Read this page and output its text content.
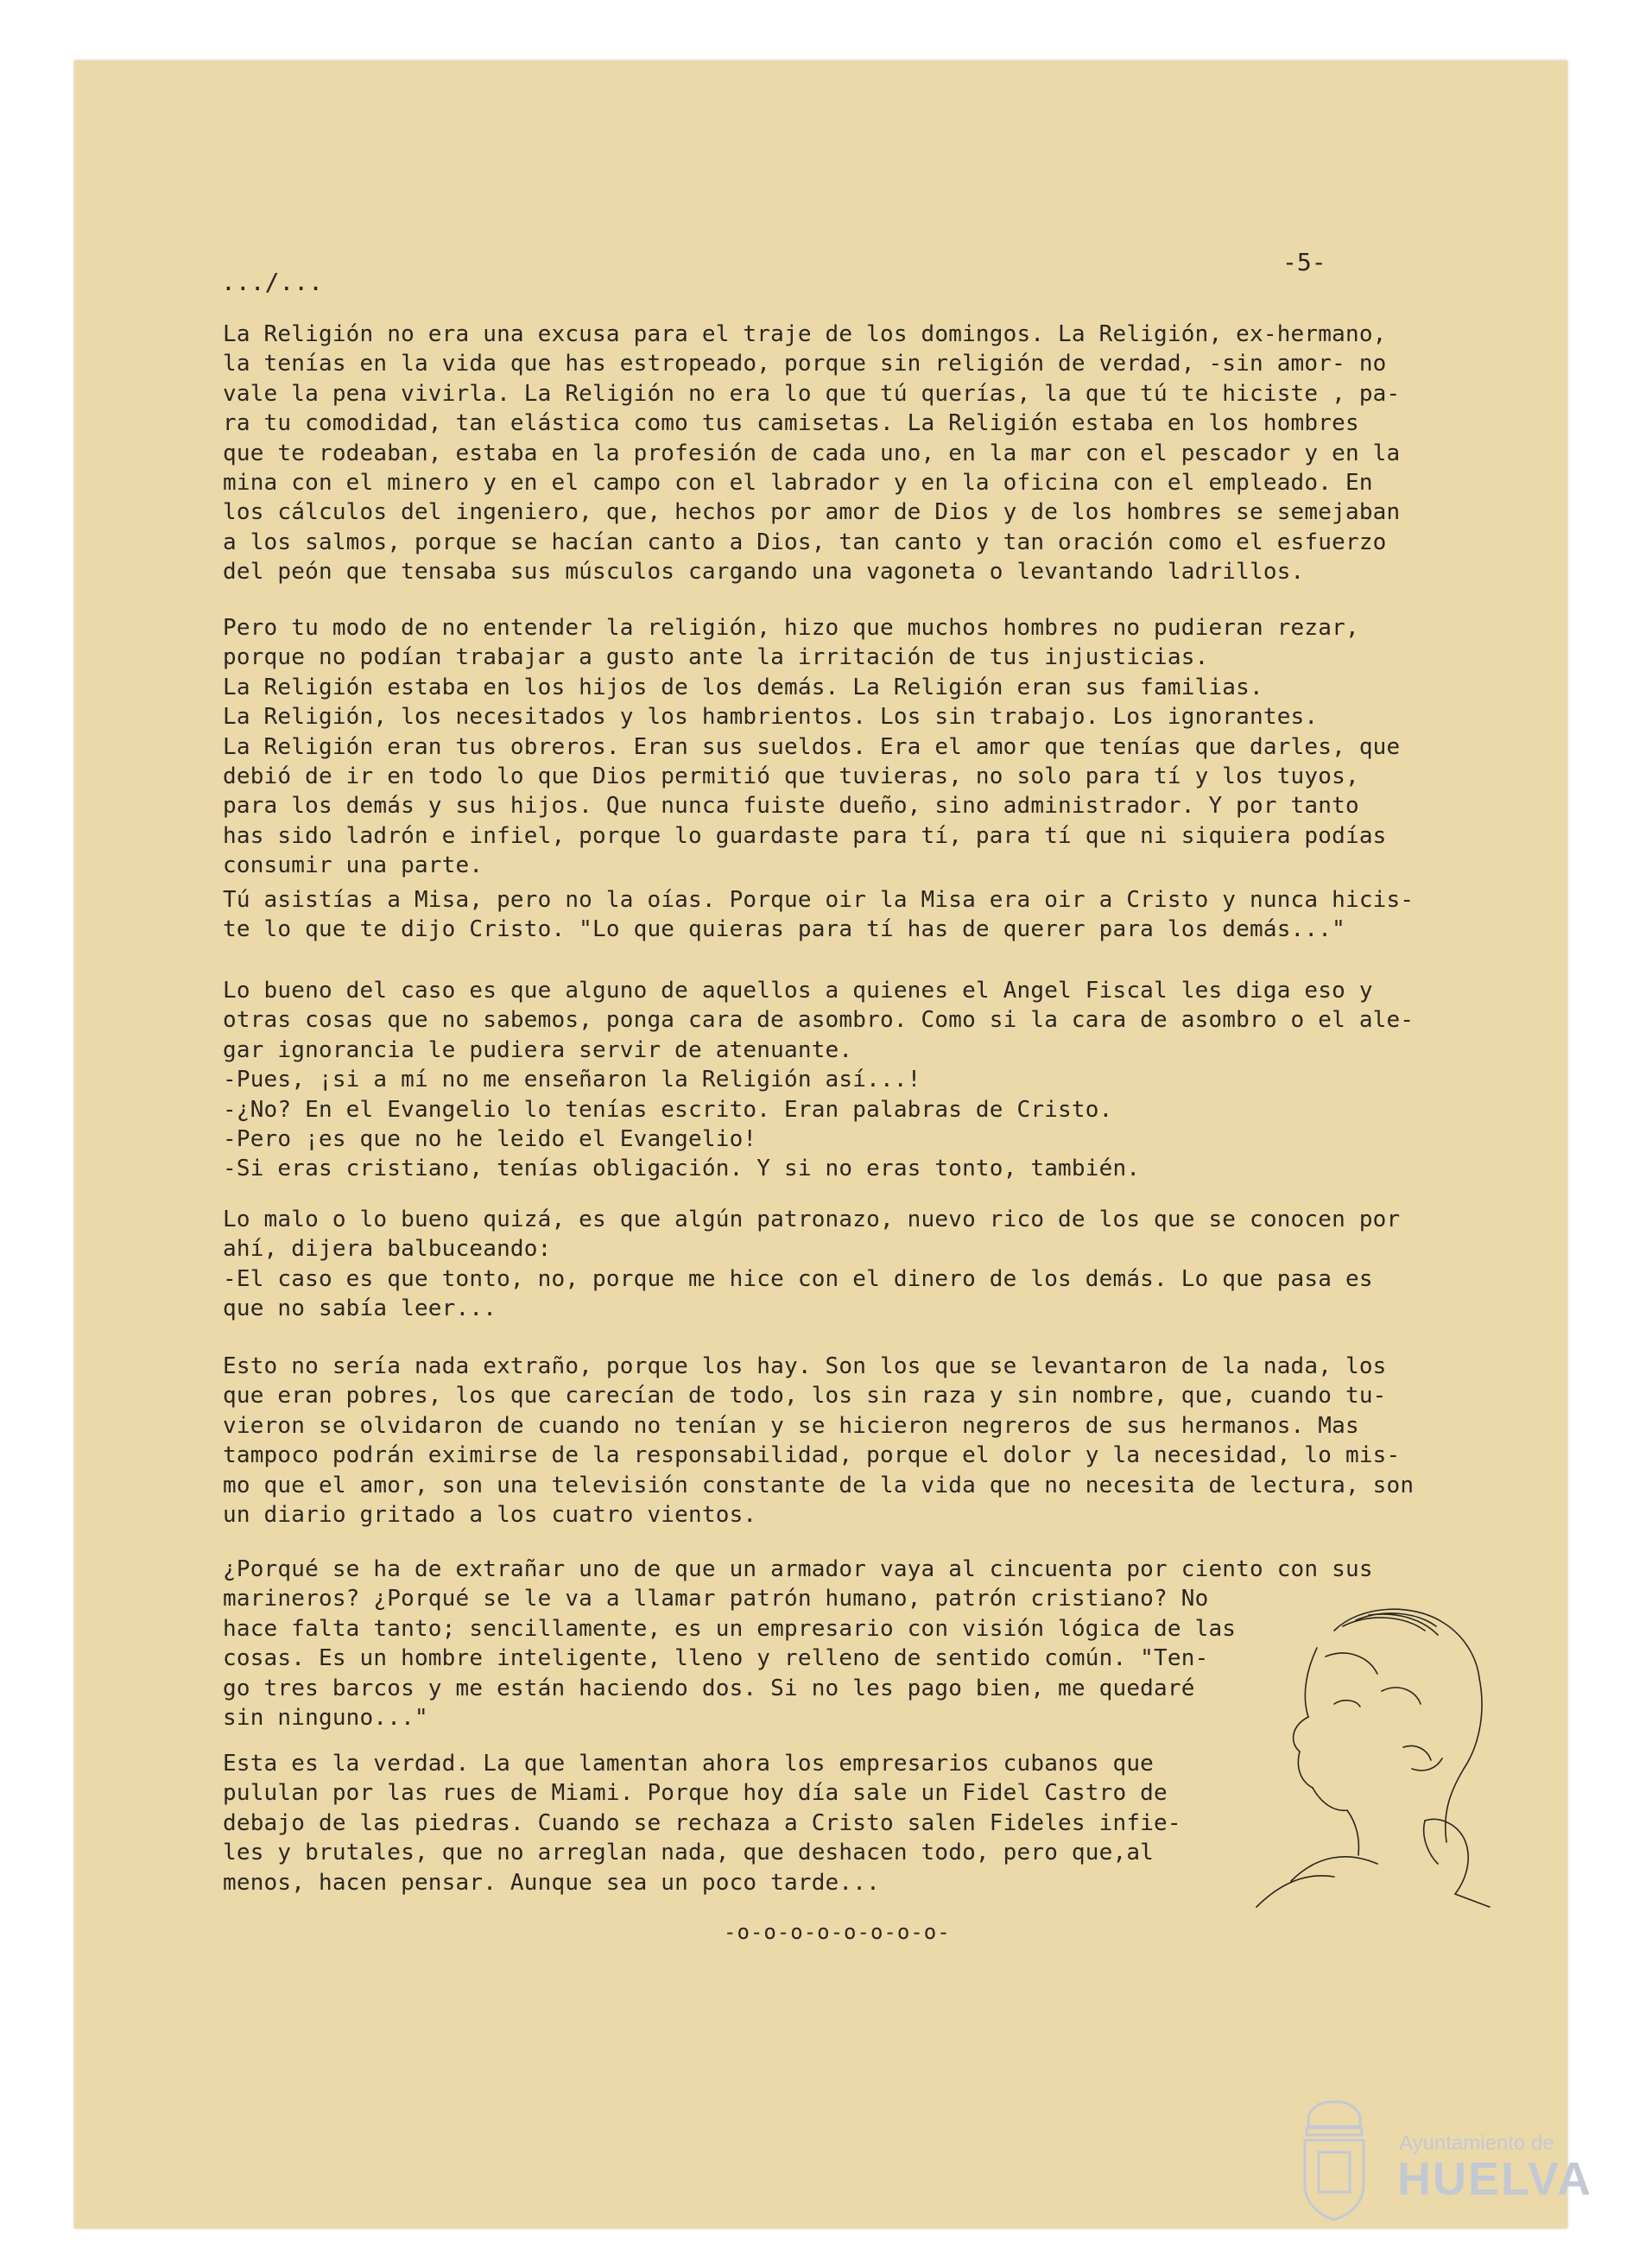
-5-
.../...
La Religión no era una excusa para el traje de los domingos. La Religión, ex-hermano,
la tenías en la vida que has estropeado, porque sin religión de verdad, -sin amor- no
vale la pena vivirla. La Religión no era lo que tú querías, la que tú te hiciste , pa-
ra tu comodidad, tan elástica como tus camisetas. La Religión estaba en los hombres
que te rodeaban, estaba en la profesión de cada uno, en la mar con el pescador y en la
mina con el minero y en el campo con el labrador y en la oficina con el empleado. En
los cálculos del ingeniero, que, hechos por amor de Dios y de los hombres se semejaban
a los salmos, porque se hacían canto a Dios, tan canto y tan oración como el esfuerzo
del peón que tensaba sus músculos cargando una vagoneta o levantando ladrillos.
Pero tu modo de no entender la religión, hizo que muchos hombres no pudieran rezar,
porque no podían trabajar a gusto ante la irritación de tus injusticias.
La Religión estaba en los hijos de los demás. La Religión eran sus familias.
La Religión, los necesitados y los hambrientos. Los sin trabajo. Los ignorantes.
La Religión eran tus obreros. Eran sus sueldos. Era el amor que tenías que darles, que
debió de ir en todo lo que Dios permitió que tuvieras, no solo para tí y los tuyos,
para los demás y sus hijos. Que nunca fuiste dueño, sino administrador. Y por tanto
has sido ladrón e infiel, porque lo guardaste para tí, para tí que ni siquiera podías
consumir una parte.
Tú asistías a Misa, pero no la oías. Porque oir la Misa era oir a Cristo y nunca hicis-
te lo que te dijo Cristo. "Lo que quieras para tí has de querer para los demás..."
Lo bueno del caso es que alguno de aquellos a quienes el Angel Fiscal les diga eso y
otras cosas que no sabemos, ponga cara de asombro. Como si la cara de asombro o el ale-
gar ignorancia le pudiera servir de atenuante.
-Pues, ¡si a mí no me enseñaron la Religión así...!
-¿No? En el Evangelio lo tenías escrito. Eran palabras de Cristo.
-Pero ¡es que no he leido el Evangelio!
-Si eras cristiano, tenías obligación. Y si no eras tonto, también.
Lo malo o lo bueno quizá, es que algún patronazo, nuevo rico de los que se conocen por
ahí, dijera balbuceando:
-El caso es que tonto, no, porque me hice con el dinero de los demás. Lo que pasa es
que no sabía leer...
Esto no sería nada extraño, porque los hay. Son los que se levantaron de la nada, los
que eran pobres, los que carecían de todo, los sin raza y sin nombre, que, cuando tu-
vieron se olvidaron de cuando no tenían y se hicieron negreros de sus hermanos. Mas
tampoco podrán eximirse de la responsabilidad, porque el dolor y la necesidad, lo mis-
mo que el amor, son una televisión constante de la vida que no necesita de lectura, son
un diario gritado a los cuatro vientos.
¿Porqué se ha de extrañar uno de que un armador vaya al cincuenta por ciento con sus
marineros? ¿Porqué se le va a llamar patrón humano, patrón cristiano? No
hace falta tanto; sencillamente, es un empresario con visión lógica de las
cosas. Es un hombre inteligente, lleno y relleno de sentido común. "Ten-
go tres barcos y me están haciendo dos. Si no les pago bien, me quedaré
sin ninguno..."
Esta es la verdad. La que lamentan ahora los empresarios cubanos que
pululan por las rues de Miami. Porque hoy día sale un Fidel Castro de
debajo de las piedras. Cuando se rechaza a Cristo salen Fideles infie-
les y brutales, que no arreglan nada, que deshacen todo, pero que,al
menos, hacen pensar. Aunque sea un poco tarde...
-o-o-o-o-o-o-o-o-
Ayuntamiento de
HUELVA
